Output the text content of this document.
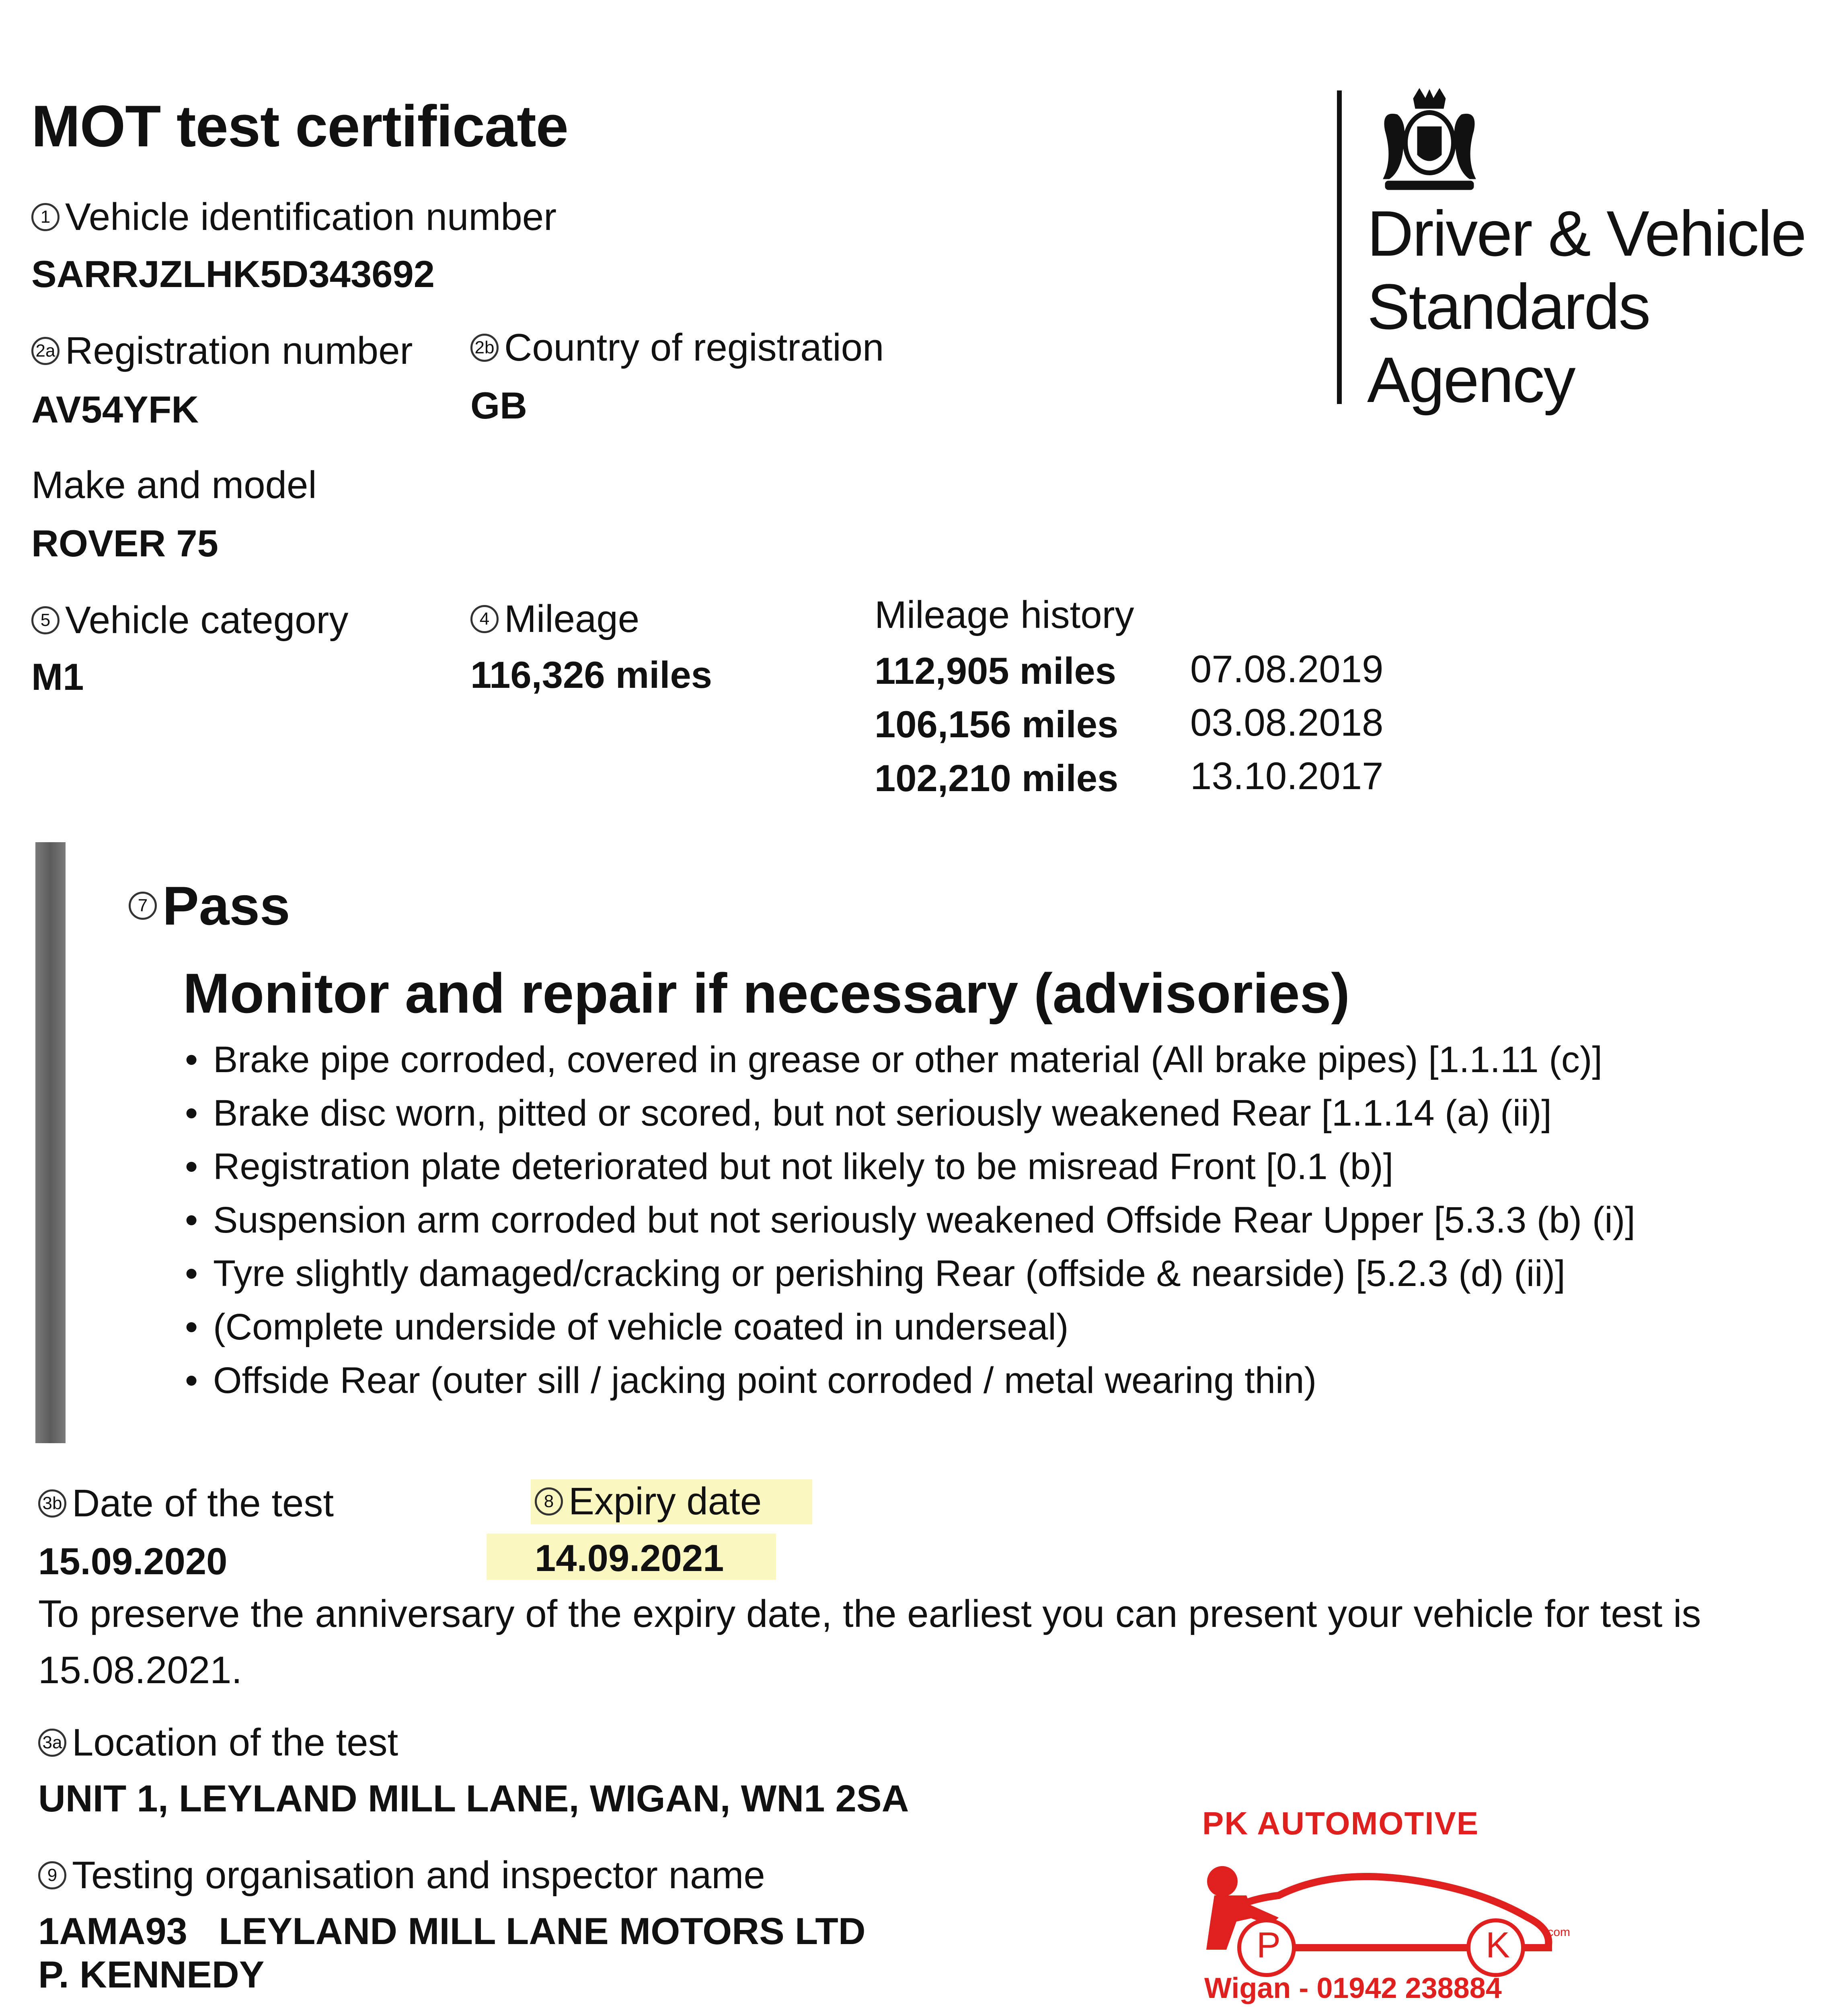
MOT test certificate
1 Vehicle identification number
SARRJZLHK5D343692
2a Registration number
AV54YFK
2b Country of registration
GB
Make and model
ROVER 75
5 Vehicle category
M1
4 Mileage
116,326 miles
Mileage history
112,905 miles 07.08.2019
106,156 miles 03.08.2018
102,210 miles 13.10.2017
Driver & Vehicle
Standards
Agency
7 Pass
Monitor and repair if necessary (advisories)
• Brake pipe corroded, covered in grease or other material (All brake pipes) [1.1.11 (c)]
• Brake disc worn, pitted or scored, but not seriously weakened Rear [1.1.14 (a) (ii)]
• Registration plate deteriorated but not likely to be misread Front [0.1 (b)]
• Suspension arm corroded but not seriously weakened Offside Rear Upper [5.3.3 (b) (i)]
• Tyre slightly damaged/cracking or perishing Rear (offside & nearside) [5.2.3 (d) (ii)]
• (Complete underside of vehicle coated in underseal)
• Offside Rear (outer sill / jacking point corroded / metal wearing thin)
3b Date of the test
15.09.2020
8 Expiry date
14.09.2021
To preserve the anniversary of the expiry date, the earliest you can present your vehicle for test is
15.08.2021.
3a Location of the test
UNIT 1, LEYLAND MILL LANE, WIGAN, WN1 2SA
9 Testing organisation and inspector name
1AMA93   LEYLAND MILL LANE MOTORS LTD
P. KENNEDY
PK AUTOMOTIVE
P	K	.com
Wigan - 01942 238884
